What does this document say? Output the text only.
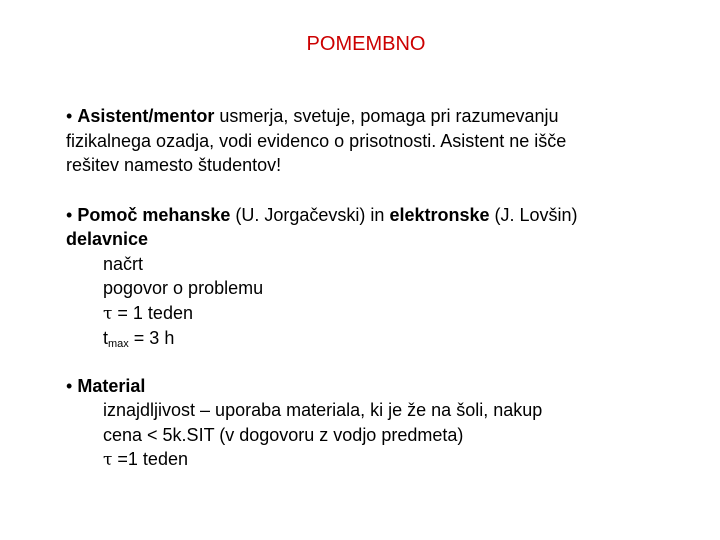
POMEMBNO
• Asistent/mentor usmerja, svetuje, pomaga pri razumevanju
fizikalnega ozadja, vodi evidenco o prisotnosti. Asistent ne išče
rešitev namesto študentov!
• Pomoč mehanske (U. Jorgačevski) in elektronske (J. Lovšin)
delavnice

načrt
pogovor o problemu
τ = 1 teden
$t_{max} = 3$ h
• Material

iznajdljivost – uporaba materiala, ki je že na šoli, nakup
cena < 5k.SIT (v dogovoru z vodjo predmeta)
τ =1 teden
